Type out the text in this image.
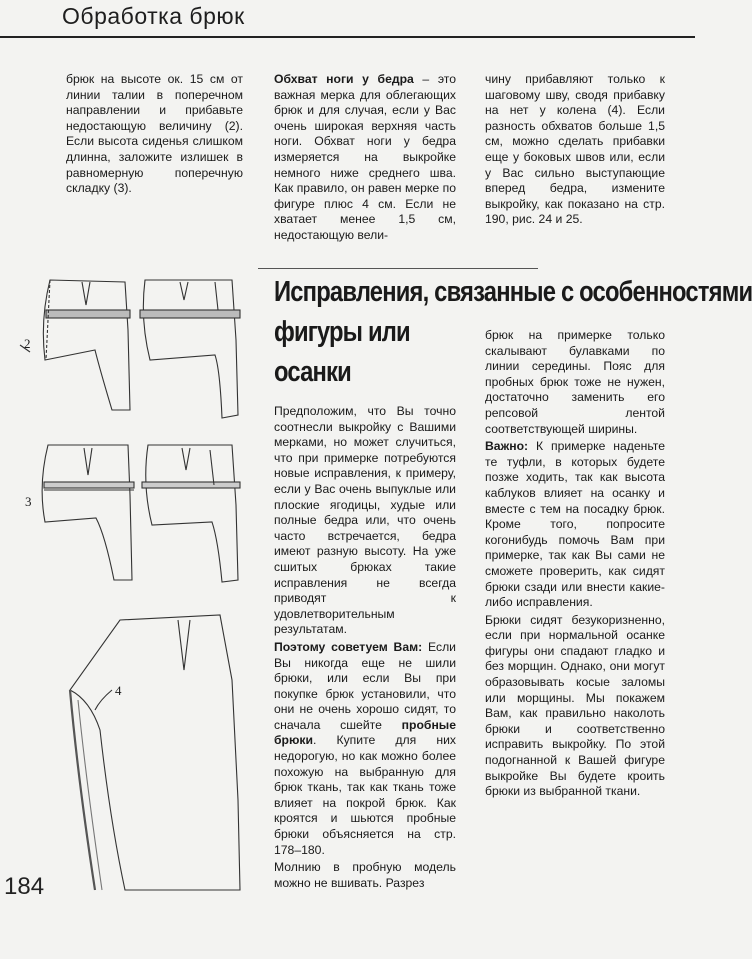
Обработка брюк

брюк на высоте ок. 15 см от линии талии в поперечном направлении и прибавьте недостающую величину (2). Если высота сиденья слишком длинна, заложите излишек в равномерную поперечную складку (3).

Обхват ноги у бедра – это важная мерка для облегающих брюк и для случая, если у Вас очень широкая верхняя часть ноги. Обхват ноги у бедра измеряется на выкройке немного ниже среднего шва. Как правило, он равен мерке по фигуре плюс 4 см. Если не хватает менее 1,5 см, недостающую вели-

чину прибавляют только к шаговому шву, сводя прибавку на нет у колена (4). Если разность обхватов больше 1,5 см, можно сделать прибавки еще у боковых швов или, если у Вас сильно выступающие вперед бедра, измените выкройку, как показано на стр. 190, рис. 24 и 25.

Исправления, связанные с особенностями
фигуры или
осанки

Предположим, что Вы точно соотнесли выкройку с Вашими мерками, но может случиться, что при примерке потребуются новые исправления, к примеру, если у Вас очень выпуклые или плоские ягодицы, худые или полные бедра или, что очень часто встречается, бедра имеют разную высоту. На уже сшитых брюках такие исправления не всегда приводят к удовлетворительным результатам.

Поэтому советуем Вам: Если Вы никогда еще не шили брюки, или если Вы при покупке брюк установили, что они не очень хорошо сидят, то сначала сшейте пробные брюки. Купите для них недорогую, но как можно более похожую на выбранную для брюк ткань, так как ткань тоже влияет на покрой брюк. Как кроятся и шьются пробные брюки объясняется на стр. 178–180.

Молнию в пробную модель можно не вшивать. Разрез

брюк на примерке только скалывают булавками по линии середины. Пояс для пробных брюк тоже не нужен, достаточно заменить его репсовой лентой соответствующей ширины.

Важно: К примерке наденьте те туфли, в которых будете позже ходить, так как высота каблуков влияет на осанку и вместе с тем на посадку брюк. Кроме того, попросите когонибудь помочь Вам при примерке, так как Вы сами не сможете проверить, как сидят брюки сзади или внести какие-либо исправления.

Брюки сидят безукоризненно, если при нормальной осанке фигуры они спадают гладко и без морщин. Однако, они могут образовывать косые заломы или морщины. Мы покажем Вам, как правильно наколоть брюки и соответственно исправить выкройку. По этой подогнанной к Вашей фигуре выкройке Вы будете кроить брюки из выбранной ткани.

2
3
4
184
